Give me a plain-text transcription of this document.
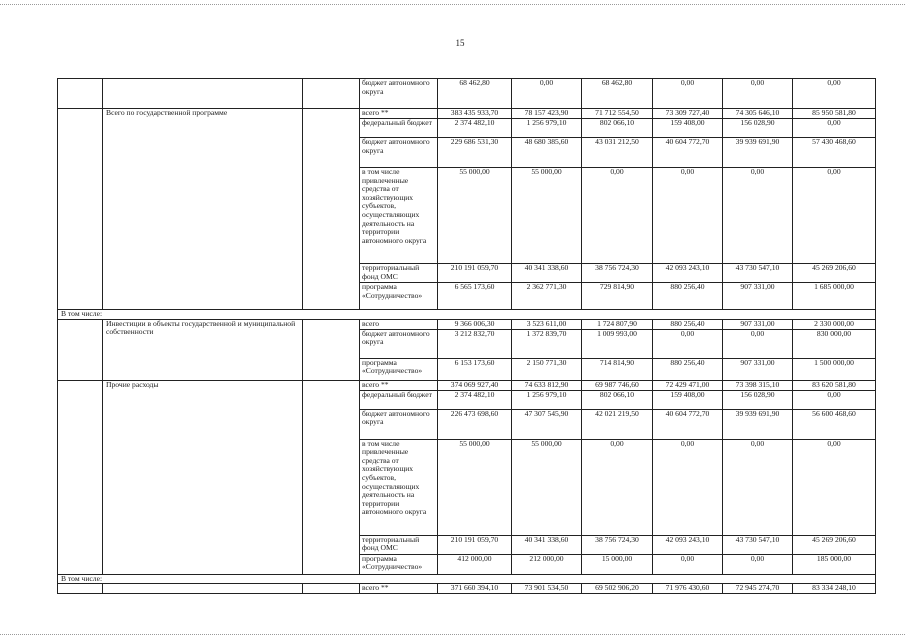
15
			бюджет автономного округа	68 462,80	0,00	68 462,80	0,00	0,00	0,00
	Всего по государственной программе		всего **	383 435 933,70	78 157 423,90	71 712 554,50	73 309 727,40	74 305 646,10	85 950 581,80
			федеральный бюджет	2 374 482,10	1 256 979,10	802 066,10	159 408,00	156 028,90	0,00
			бюджет автономного округа	229 686 531,30	48 680 385,60	43 031 212,50	40 604 772,70	39 939 691,90	57 430 468,60
			в том числе привлеченные средства от хозяйствующих субъектов, осуществляющих деятельность на территории автономного округа	55 000,00	55 000,00	0,00	0,00	0,00	0,00
			территориальный фонд ОМС	210 191 059,70	40 341 338,60	38 756 724,30	42 093 243,10	43 730 547,10	45 269 206,60
			программа «Сотрудничество»	6 565 173,60	2 362 771,30	729 814,90	880 256,40	907 331,00	1 685 000,00
В том числе:									
	Инвестиции в объекты государственной и муниципальной собственности		всего	9 366 006,30	3 523 611,00	1 724 807,90	880 256,40	907 331,00	2 330 000,00
			бюджет автономного округа	3 212 832,70	1 372 839,70	1 009 993,00	0,00	0,00	830 000,00
			программа «Сотрудничество»	6 153 173,60	2 150 771,30	714 814,90	880 256,40	907 331,00	1 500 000,00
	Прочие расходы		всего **	374 069 927,40	74 633 812,90	69 987 746,60	72 429 471,00	73 398 315,10	83 620 581,80
			федеральный бюджет	2 374 482,10	1 256 979,10	802 066,10	159 408,00	156 028,90	0,00
			бюджет автономного округа	226 473 698,60	47 307 545,90	42 021 219,50	40 604 772,70	39 939 691,90	56 600 468,60
			в том числе привлеченные средства от хозяйствующих субъектов, осуществляющих деятельность на территории автономного округа	55 000,00	55 000,00	0,00	0,00	0,00	0,00
			территориальный фонд ОМС	210 191 059,70	40 341 338,60	38 756 724,30	42 093 243,10	43 730 547,10	45 269 206,60
			программа «Сотрудничество»	412 000,00	212 000,00	15 000,00	0,00	0,00	185 000,00
В том числе:									
			всего **	371 660 394,10	73 901 534,50	69 502 906,20	71 976 430,60	72 945 274,70	83 334 248,10
